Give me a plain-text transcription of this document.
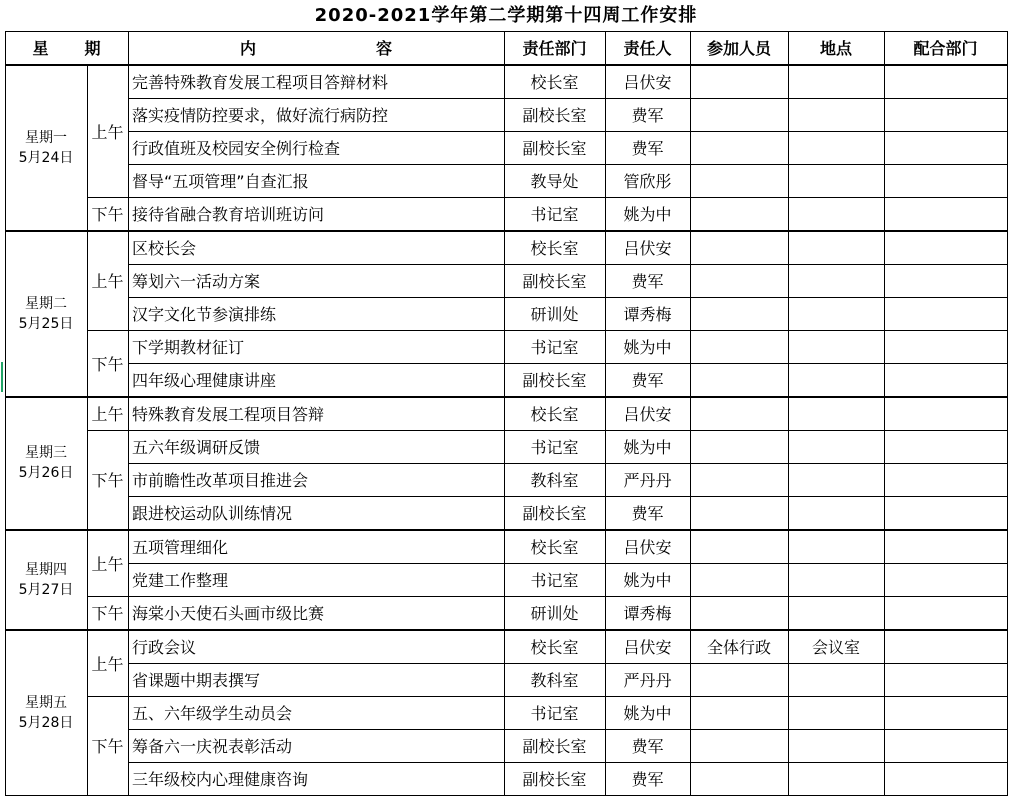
2020-2021学年第二学期第十四周工作安排
星 期	内	容	责任部门	责任人	参加人员	地点	配合部门
星期一
5月24日
上午
完善特殊教育发展工程项目答辩材料	校长室	吕伏安
落实疫情防控要求，做好流行病防控	副校长室	费军
行政值班及校园安全例行检查	副校长室	费军
督导“五项管理”自查汇报	教导处	管欣彤
下午 接待省融合教育培训班访问	书记室	姚为中
星期二
5月25日
上午
区校长会	校长室	吕伏安
筹划六一活动方案	副校长室	费军
汉字文化节参演排练	研训处	谭秀梅
下午
下学期教材征订	书记室	姚为中
四年级心理健康讲座	副校长室	费军
星期三
5月26日
上午 特殊教育发展工程项目答辩	校长室	吕伏安
下午
五六年级调研反馈	书记室	姚为中
市前瞻性改革项目推进会	教科室	严丹丹
跟进校运动队训练情况	副校长室	费军
星期四
5月27日
上午
五项管理细化	校长室	吕伏安
党建工作整理	书记室	姚为中
下午 海棠小天使石头画市级比赛	研训处	谭秀梅
星期五
5月28日
上午
行政会议	校长室	吕伏安	全体行政	会议室
省课题中期表撰写	教科室	严丹丹
下午
五、六年级学生动员会	书记室	姚为中
筹备六一庆祝表彰活动	副校长室	费军
三年级校内心理健康咨询	副校长室	费军
